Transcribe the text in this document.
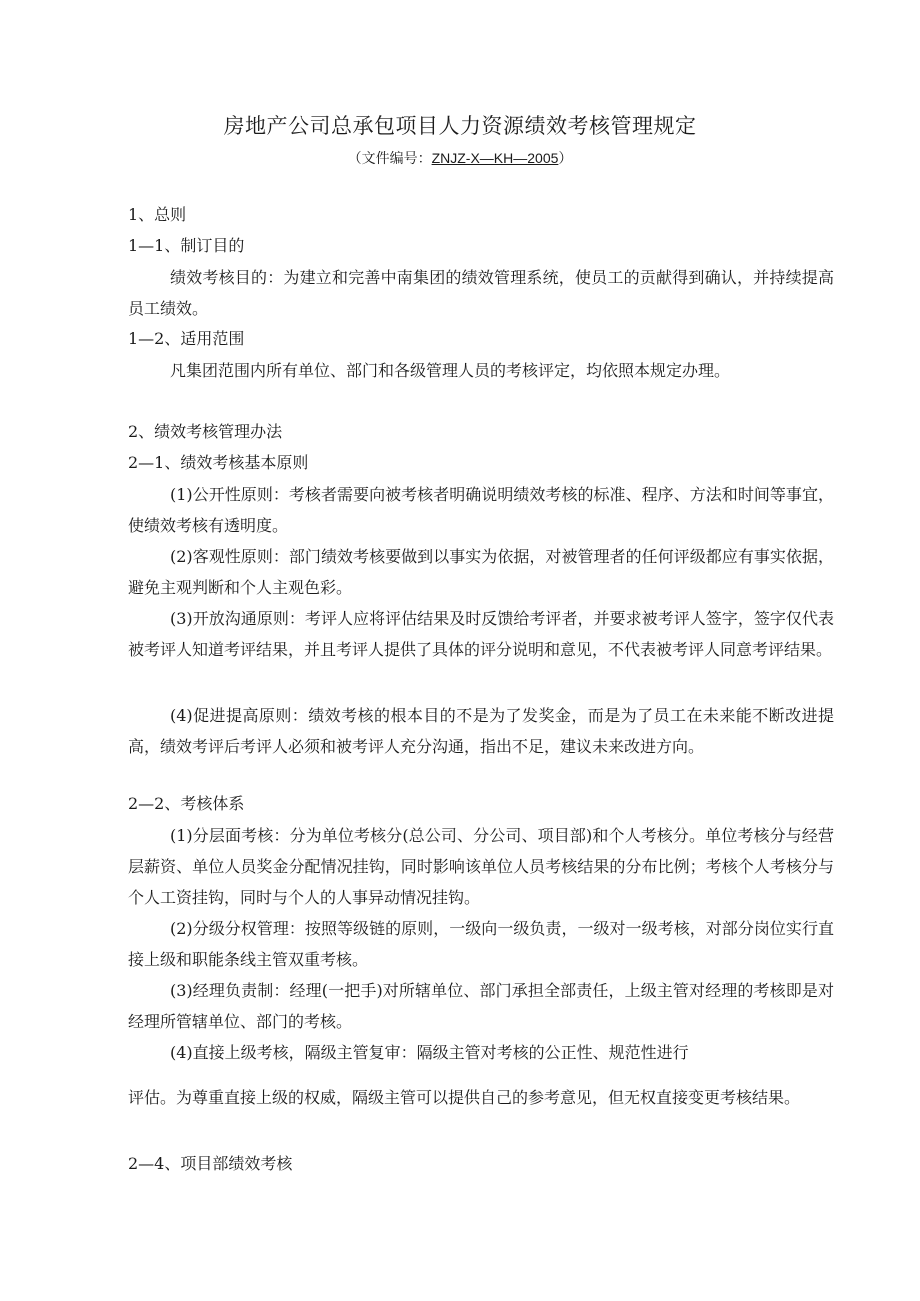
房地产公司总承包项目人力资源绩效考核管理规定
（文件编号：ZNJZ-X—KH—2005）
1、总则
1—1、制订目的
绩效考核目的：为建立和完善中南集团的绩效管理系统，使员工的贡献得到确认，并持续提高员工绩效。
1—2、适用范围
凡集团范围内所有单位、部门和各级管理人员的考核评定，均依照本规定办理。
2、绩效考核管理办法
2—1、绩效考核基本原则
(1)公开性原则：考核者需要向被考核者明确说明绩效考核的标准、程序、方法和时间等事宜，使绩效考核有透明度。
(2)客观性原则：部门绩效考核要做到以事实为依据，对被管理者的任何评级都应有事实依据，避免主观判断和个人主观色彩。
(3)开放沟通原则：考评人应将评估结果及时反馈给考评者，并要求被考评人签字，签字仅代表被考评人知道考评结果，并且考评人提供了具体的评分说明和意见，不代表被考评人同意考评结果。
(4)促进提高原则：绩效考核的根本目的不是为了发奖金，而是为了员工在未来能不断改进提高，绩效考评后考评人必须和被考评人充分沟通，指出不足，建议未来改进方向。
2—2、考核体系
(1)分层面考核：分为单位考核分(总公司、分公司、项目部)和个人考核分。单位考核分与经营层薪资、单位人员奖金分配情况挂钩，同时影响该单位人员考核结果的分布比例；考核个人考核分与个人工资挂钩，同时与个人的人事异动情况挂钩。
(2)分级分权管理：按照等级链的原则，一级向一级负责，一级对一级考核，对部分岗位实行直接上级和职能条线主管双重考核。
(3)经理负责制：经理(一把手)对所辖单位、部门承担全部责任，上级主管对经理的考核即是对经理所管辖单位、部门的考核。
(4)直接上级考核，隔级主管复审：隔级主管对考核的公正性、规范性进行
评估。为尊重直接上级的权威，隔级主管可以提供自己的参考意见，但无权直接变更考核结果。
2—4、项目部绩效考核
